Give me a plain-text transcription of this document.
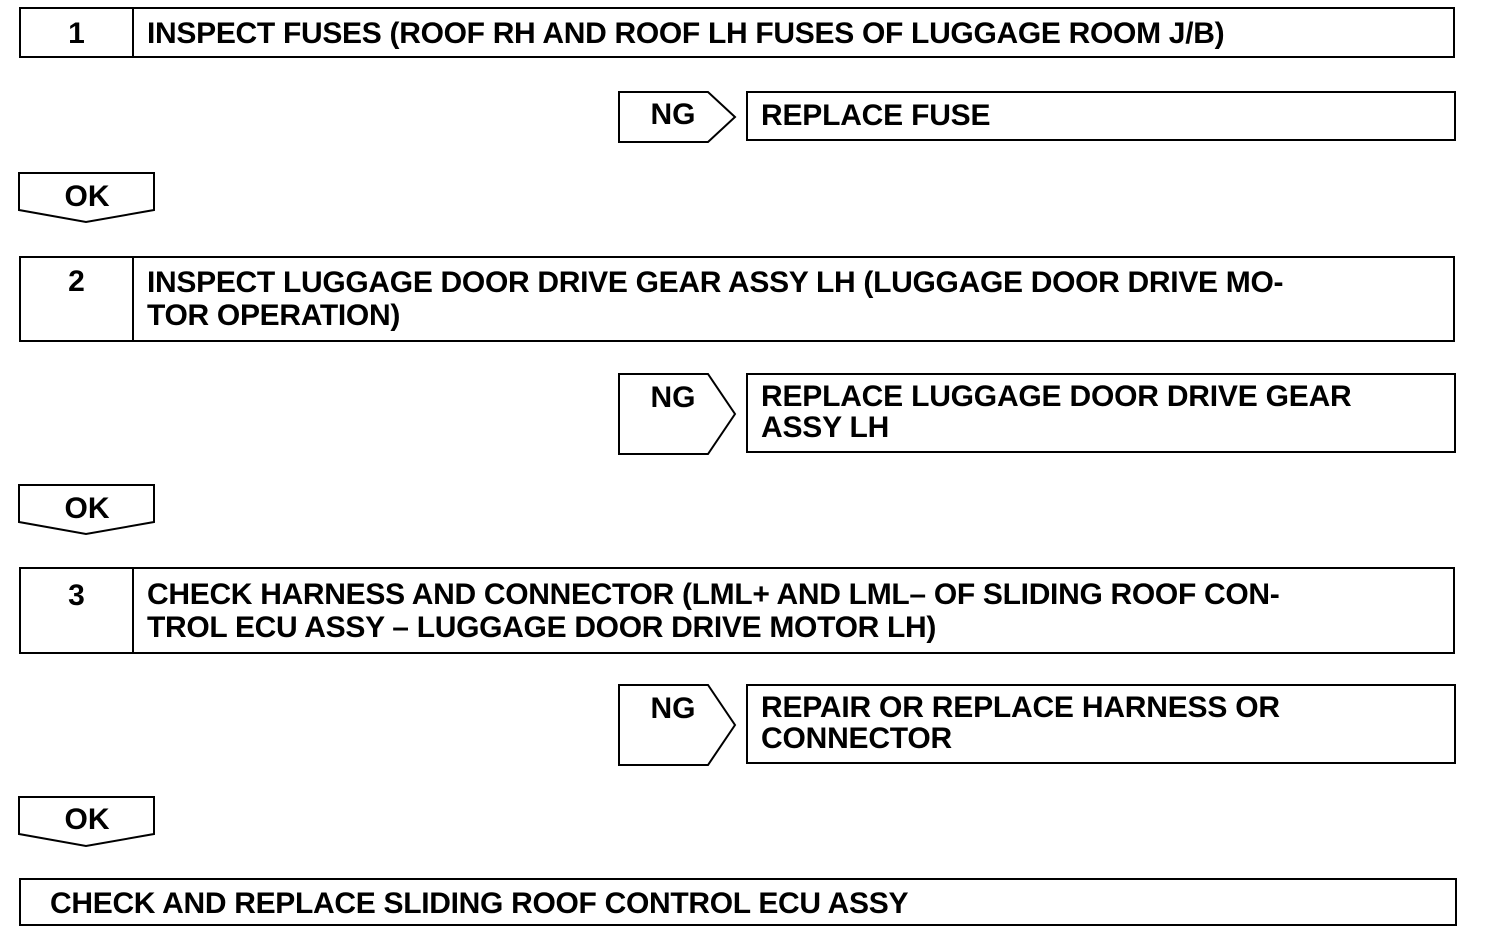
1	INSPECT FUSES (ROOF RH AND ROOF LH FUSES OF LUGGAGE ROOM J/B)
NG	REPLACE FUSE
OK
2	INSPECT LUGGAGE DOOR DRIVE GEAR ASSY LH (LUGGAGE DOOR DRIVE MO-
TOR OPERATION)
NG	REPLACE LUGGAGE DOOR DRIVE GEAR
ASSY LH
OK
3	CHECK HARNESS AND CONNECTOR (LML+ AND LML– OF SLIDING ROOF CON-
TROL ECU ASSY – LUGGAGE DOOR DRIVE MOTOR LH)
NG	REPAIR OR REPLACE HARNESS OR
CONNECTOR
OK
CHECK AND REPLACE SLIDING ROOF CONTROL ECU ASSY
